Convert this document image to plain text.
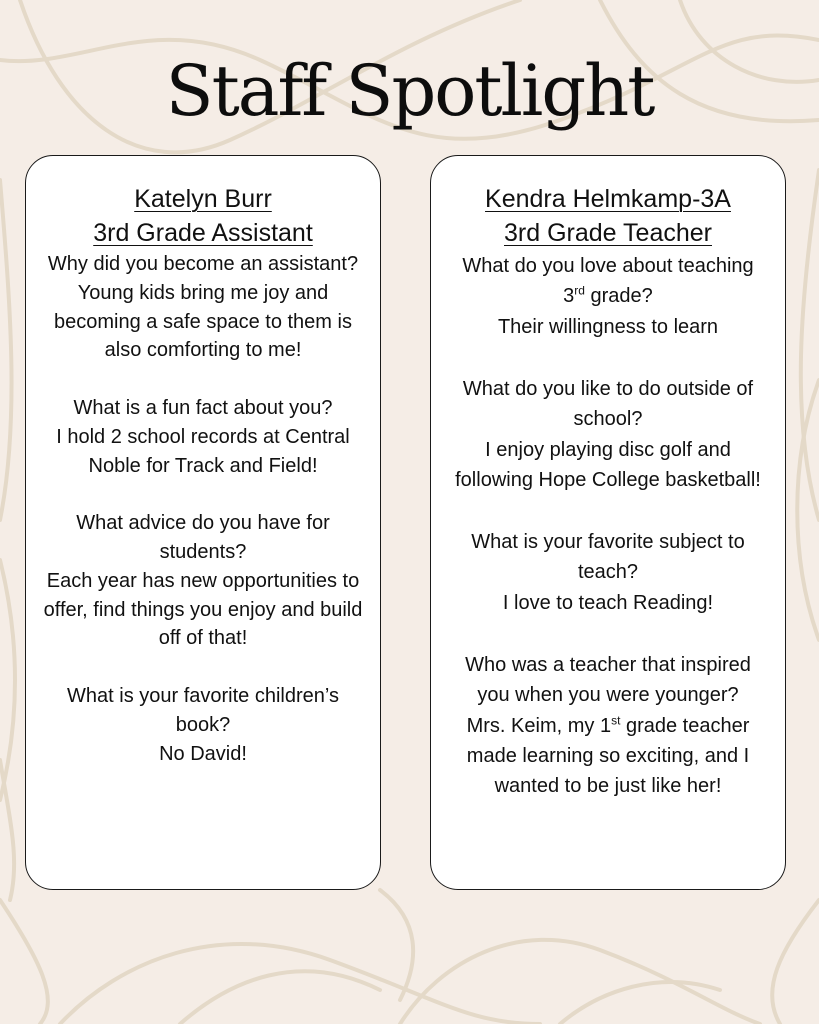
Staff Spotlight
Katelyn Burr
3rd Grade Assistant
Why did you become an assistant?
Young kids bring me joy and becoming a safe space to them is also comforting to me!
What is a fun fact about you?
I hold 2 school records at Central Noble for Track and Field!
What advice do you have for students?
Each year has new opportunities to offer, find things you enjoy and build off of that!
What is your favorite children’s book?
No David!
Kendra Helmkamp-3A
3rd Grade Teacher
What do you love about teaching 3rd grade?
Their willingness to learn
What do you like to do outside of school?
I enjoy playing disc golf and following Hope College basketball!
What is your favorite subject to teach?
I love to teach Reading!
Who was a teacher that inspired you when you were younger?
Mrs. Keim, my 1st grade teacher made learning so exciting, and I wanted to be just like her!
